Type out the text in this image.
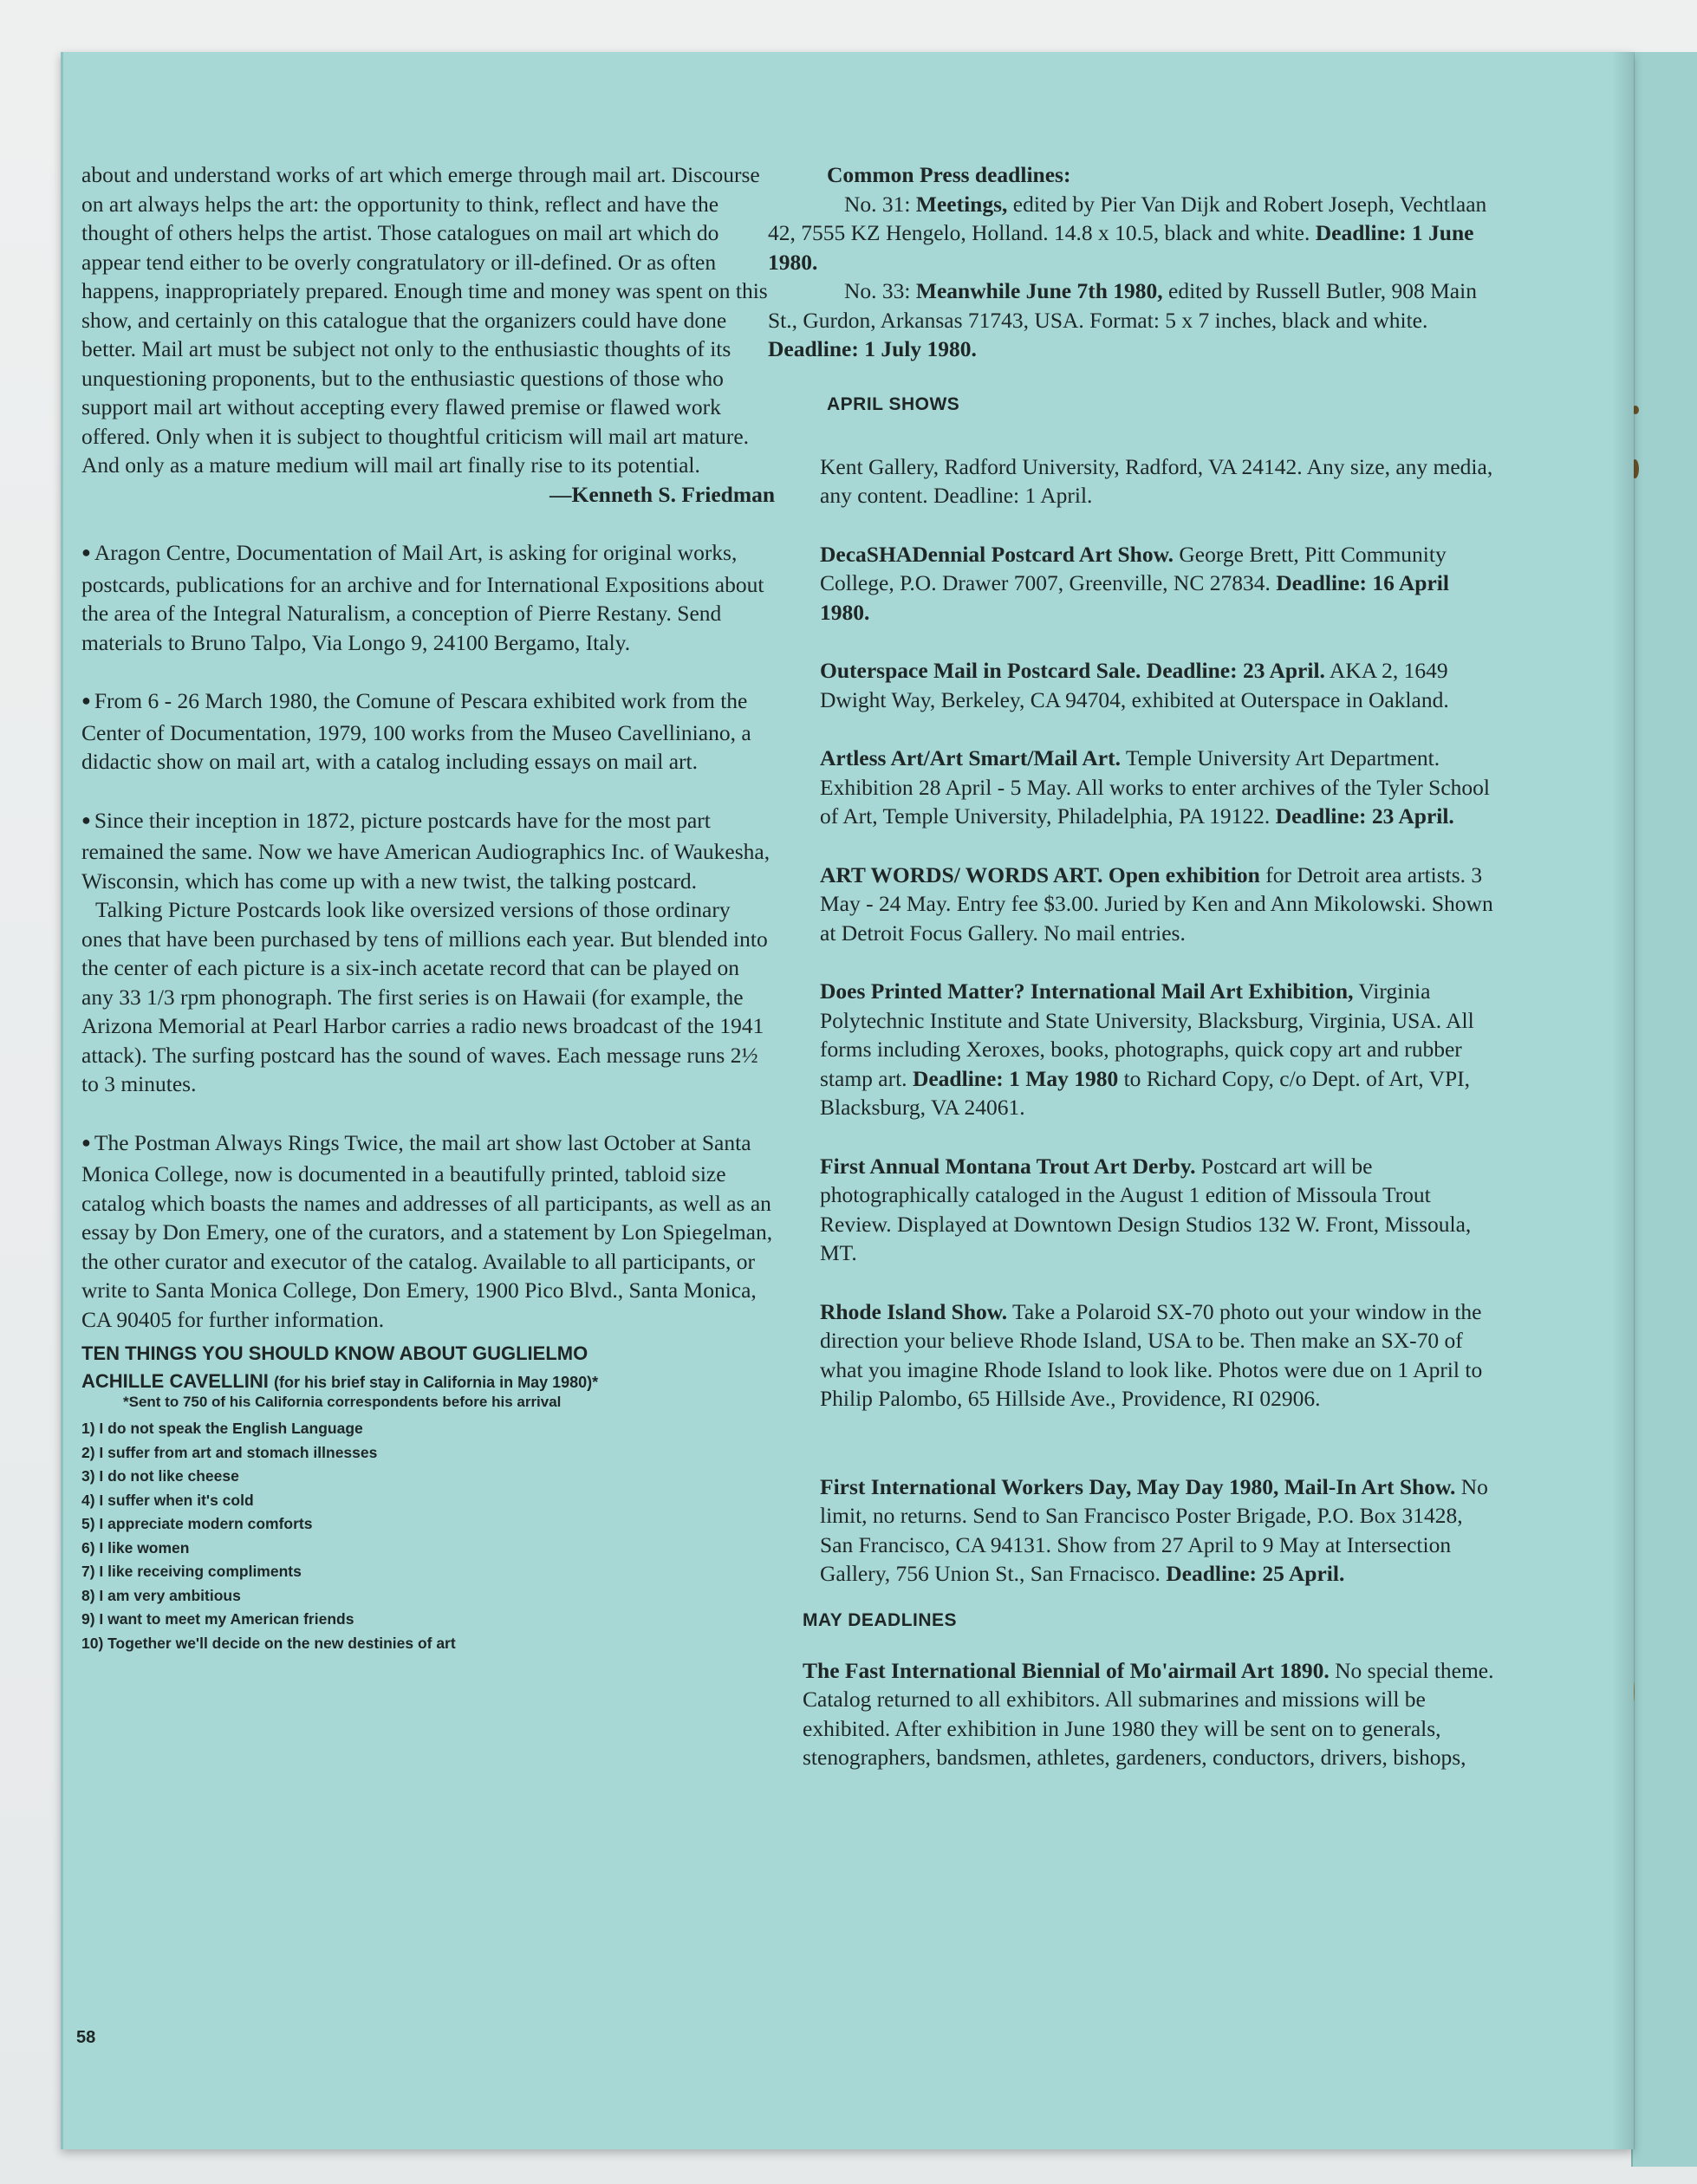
about and understand works of art which emerge through mail art. Discourse on art always helps the art: the opportunity to think, reflect and have the thought of others helps the artist. Those catalogues on mail art which do appear tend either to be overly congratulatory or ill-defined. Or as often happens, inappropriately prepared. Enough time and money was spent on this show, and certainly on this catalogue that the organizers could have done better. Mail art must be subject not only to the enthusiastic thoughts of its unquestioning proponents, but to the enthusiastic questions of those who support mail art without accepting every flawed premise or flawed work offered. Only when it is subject to thoughtful criticism will mail art mature. And only as a mature medium will mail art finally rise to its potential.

—Kenneth S. Friedman

● Aragon Centre, Documentation of Mail Art, is asking for original works, postcards, publications for an archive and for International Expositions about the area of the Integral Naturalism, a conception of Pierre Restany. Send materials to Bruno Talpo, Via Longo 9, 24100 Bergamo, Italy.

● From 6 - 26 March 1980, the Comune of Pescara exhibited work from the Center of Documentation, 1979, 100 works from the Museo Cavelliniano, a didactic show on mail art, with a catalog including essays on mail art.

● Since their inception in 1872, picture postcards have for the most part remained the same. Now we have American Audiographics Inc. of Waukesha, Wisconsin, which has come up with a new twist, the talking postcard.

Talking Picture Postcards look like oversized versions of those ordinary ones that have been purchased by tens of millions each year. But blended into the center of each picture is a six-inch acetate record that can be played on any 33 1/3 rpm phonograph. The first series is on Hawaii (for example, the Arizona Memorial at Pearl Harbor carries a radio news broadcast of the 1941 attack). The surfing postcard has the sound of waves. Each message runs 2½ to 3 minutes.

● The Postman Always Rings Twice, the mail art show last October at Santa Monica College, now is documented in a beautifully printed, tabloid size catalog which boasts the names and addresses of all participants, as well as an essay by Don Emery, one of the curators, and a statement by Lon Spiegelman, the other curator and executor of the catalog. Available to all participants, or write to Santa Monica College, Don Emery, 1900 Pico Blvd., Santa Monica, CA 90405 for further information.

TEN THINGS YOU SHOULD KNOW ABOUT GUGLIELMO
ACHILLE CAVELLINI (for his brief stay in California in May 1980)*
*Sent to 750 of his California correspondents before his arrival
1) I do not speak the English Language
2) I suffer from art and stomach illnesses
3) I do not like cheese
4) I suffer when it's cold
5) I appreciate modern comforts
6) I like women
7) I like receiving compliments
8) I am very ambitious
9) I want to meet my American friends
10) Together we'll decide on the new destinies of art
58

Common Press deadlines:

No. 31: Meetings, edited by Pier Van Dijk and Robert Joseph, Vechtlaan 42, 7555 KZ Hengelo, Holland. 14.8 x 10.5, black and white. Deadline: 1 June 1980.

No. 33: Meanwhile June 7th 1980, edited by Russell Butler, 908 Main St., Gurdon, Arkansas 71743, USA. Format: 5 x 7 inches, black and white. Deadline: 1 July 1980.

APRIL SHOWS

Kent Gallery, Radford University, Radford, VA 24142. Any size, any media, any content. Deadline: 1 April.

DecaSHADennial Postcard Art Show. George Brett, Pitt Community College, P.O. Drawer 7007, Greenville, NC 27834. Deadline: 16 April 1980.

Outerspace Mail in Postcard Sale. Deadline: 23 April. AKA 2, 1649 Dwight Way, Berkeley, CA 94704, exhibited at Outerspace in Oakland.

Artless Art/Art Smart/Mail Art. Temple University Art Department. Exhibition 28 April - 5 May. All works to enter archives of the Tyler School of Art, Temple University, Philadelphia, PA 19122. Deadline: 23 April.

ART WORDS/ WORDS ART. Open exhibition for Detroit area artists. 3 May - 24 May. Entry fee $3.00. Juried by Ken and Ann Mikolowski. Shown at Detroit Focus Gallery. No mail entries.

Does Printed Matter? International Mail Art Exhibition, Virginia Polytechnic Institute and State University, Blacksburg, Virginia, USA. All forms including Xeroxes, books, photographs, quick copy art and rubber stamp art. Deadline: 1 May 1980 to Richard Copy, c/o Dept. of Art, VPI, Blacksburg, VA 24061.

First Annual Montana Trout Art Derby. Postcard art will be photographically cataloged in the August 1 edition of Missoula Trout Review. Displayed at Downtown Design Studios 132 W. Front, Missoula, MT.

Rhode Island Show. Take a Polaroid SX-70 photo out your window in the direction your believe Rhode Island, USA to be. Then make an SX-70 of what you imagine Rhode Island to look like. Photos were due on 1 April to Philip Palombo, 65 Hillside Ave., Providence, RI 02906.

First International Workers Day, May Day 1980, Mail-In Art Show. No limit, no returns. Send to San Francisco Poster Brigade, P.O. Box 31428, San Francisco, CA 94131. Show from 27 April to 9 May at Intersection Gallery, 756 Union St., San Frnacisco. Deadline: 25 April.

MAY DEADLINES

The Fast International Biennial of Mo'airmail Art 1890. No special theme. Catalog returned to all exhibitors. All submarines and missions will be exhibited. After exhibition in June 1980 they will be sent on to generals, stenographers, bandsmen, athletes, gardeners, conductors, drivers, bishops,
